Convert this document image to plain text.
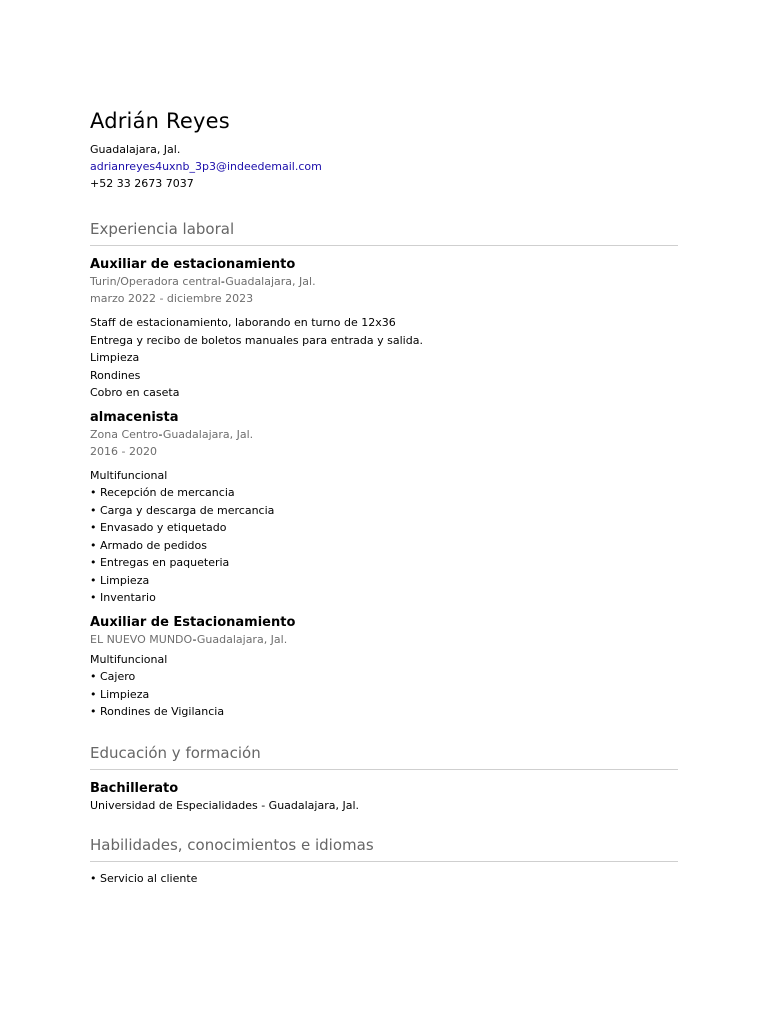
Adrián Reyes
Guadalajara, Jal.
adrianreyes4uxnb_3p3@indeedemail.com
+52 33 2673 7037
Experiencia laboral
Auxiliar de estacionamiento
Turin/Operadora central-Guadalajara, Jal.
marzo 2022 - diciembre 2023
Staff de estacionamiento, laborando en turno de 12x36
Entrega y recibo de boletos manuales para entrada y salida.
Limpieza
Rondines
Cobro en caseta
almacenista
Zona Centro-Guadalajara, Jal.
2016 - 2020
Multifuncional
• Recepción de mercancia
• Carga y descarga de mercancia
• Envasado y etiquetado
• Armado de pedidos
• Entregas en paqueteria
• Limpieza
• Inventario
Auxiliar de Estacionamiento
EL NUEVO MUNDO-Guadalajara, Jal.
Multifuncional
• Cajero
• Limpieza
• Rondines de Vigilancia
Educación y formación
Bachillerato
Universidad de Especialidades - Guadalajara, Jal.
Habilidades, conocimientos e idiomas
• Servicio al cliente
